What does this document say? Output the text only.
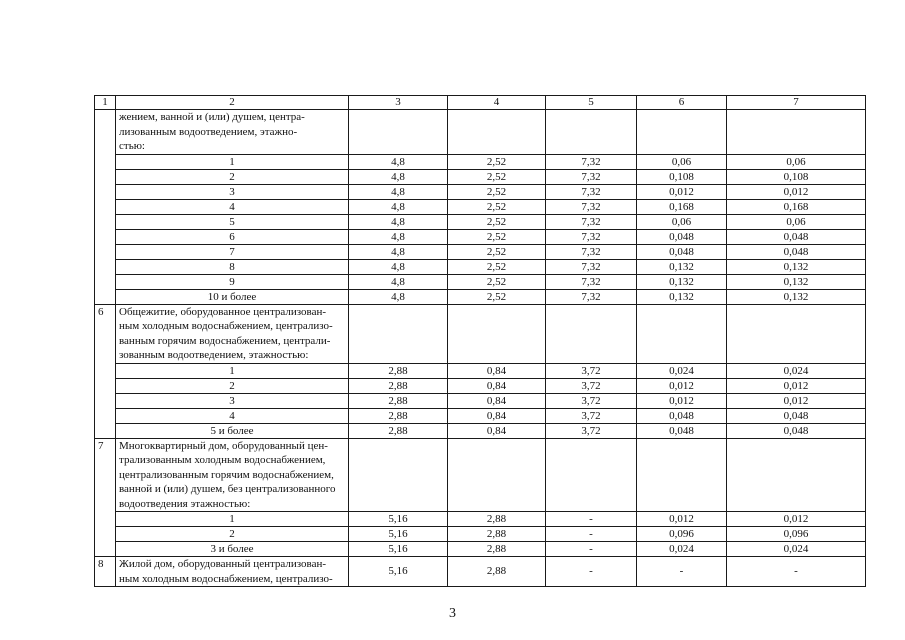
1	2	3	4	5	6	7

	жением, ванной и (или) душем, центра-
лизованным водоотведением, этажно-
стью:					

	1	4,8	2,52	7,32	0,06	0,06
	2	4,8	2,52	7,32	0,108	0,108
	3	4,8	2,52	7,32	0,012	0,012
	4	4,8	2,52	7,32	0,168	0,168
	5	4,8	2,52	7,32	0,06	0,06
	6	4,8	2,52	7,32	0,048	0,048
	7	4,8	2,52	7,32	0,048	0,048
	8	4,8	2,52	7,32	0,132	0,132
	9	4,8	2,52	7,32	0,132	0,132
	10 и более	4,8	2,52	7,32	0,132	0,132
6	Общежитие, оборудованное централизован-
ным холодным водоснабжением, централизо-
ванным горячим водоснабжением, централи-
зованным водоотведением, этажностью:					

	1	2,88	0,84	3,72	0,024	0,024
	2	2,88	0,84	3,72	0,012	0,012
	3	2,88	0,84	3,72	0,012	0,012
	4	2,88	0,84	3,72	0,048	0,048
	5 и более	2,88	0,84	3,72	0,048	0,048
7	Многоквартирный дом, оборудованный цен-
трализованным холодным водоснабжением,
централизованным горячим водоснабжением,
ванной и (или) душем, без централизованного
водоотведения этажностью:					

	1	5,16	2,88	-	0,012	0,012
	2	5,16	2,88	-	0,096	0,096
	3 и более	5,16	2,88	-	0,024	0,024
8	Жилой дом, оборудованный централизован-
ным холодным водоснабжением, централизо-	5,16	2,88	-	-	-
3
